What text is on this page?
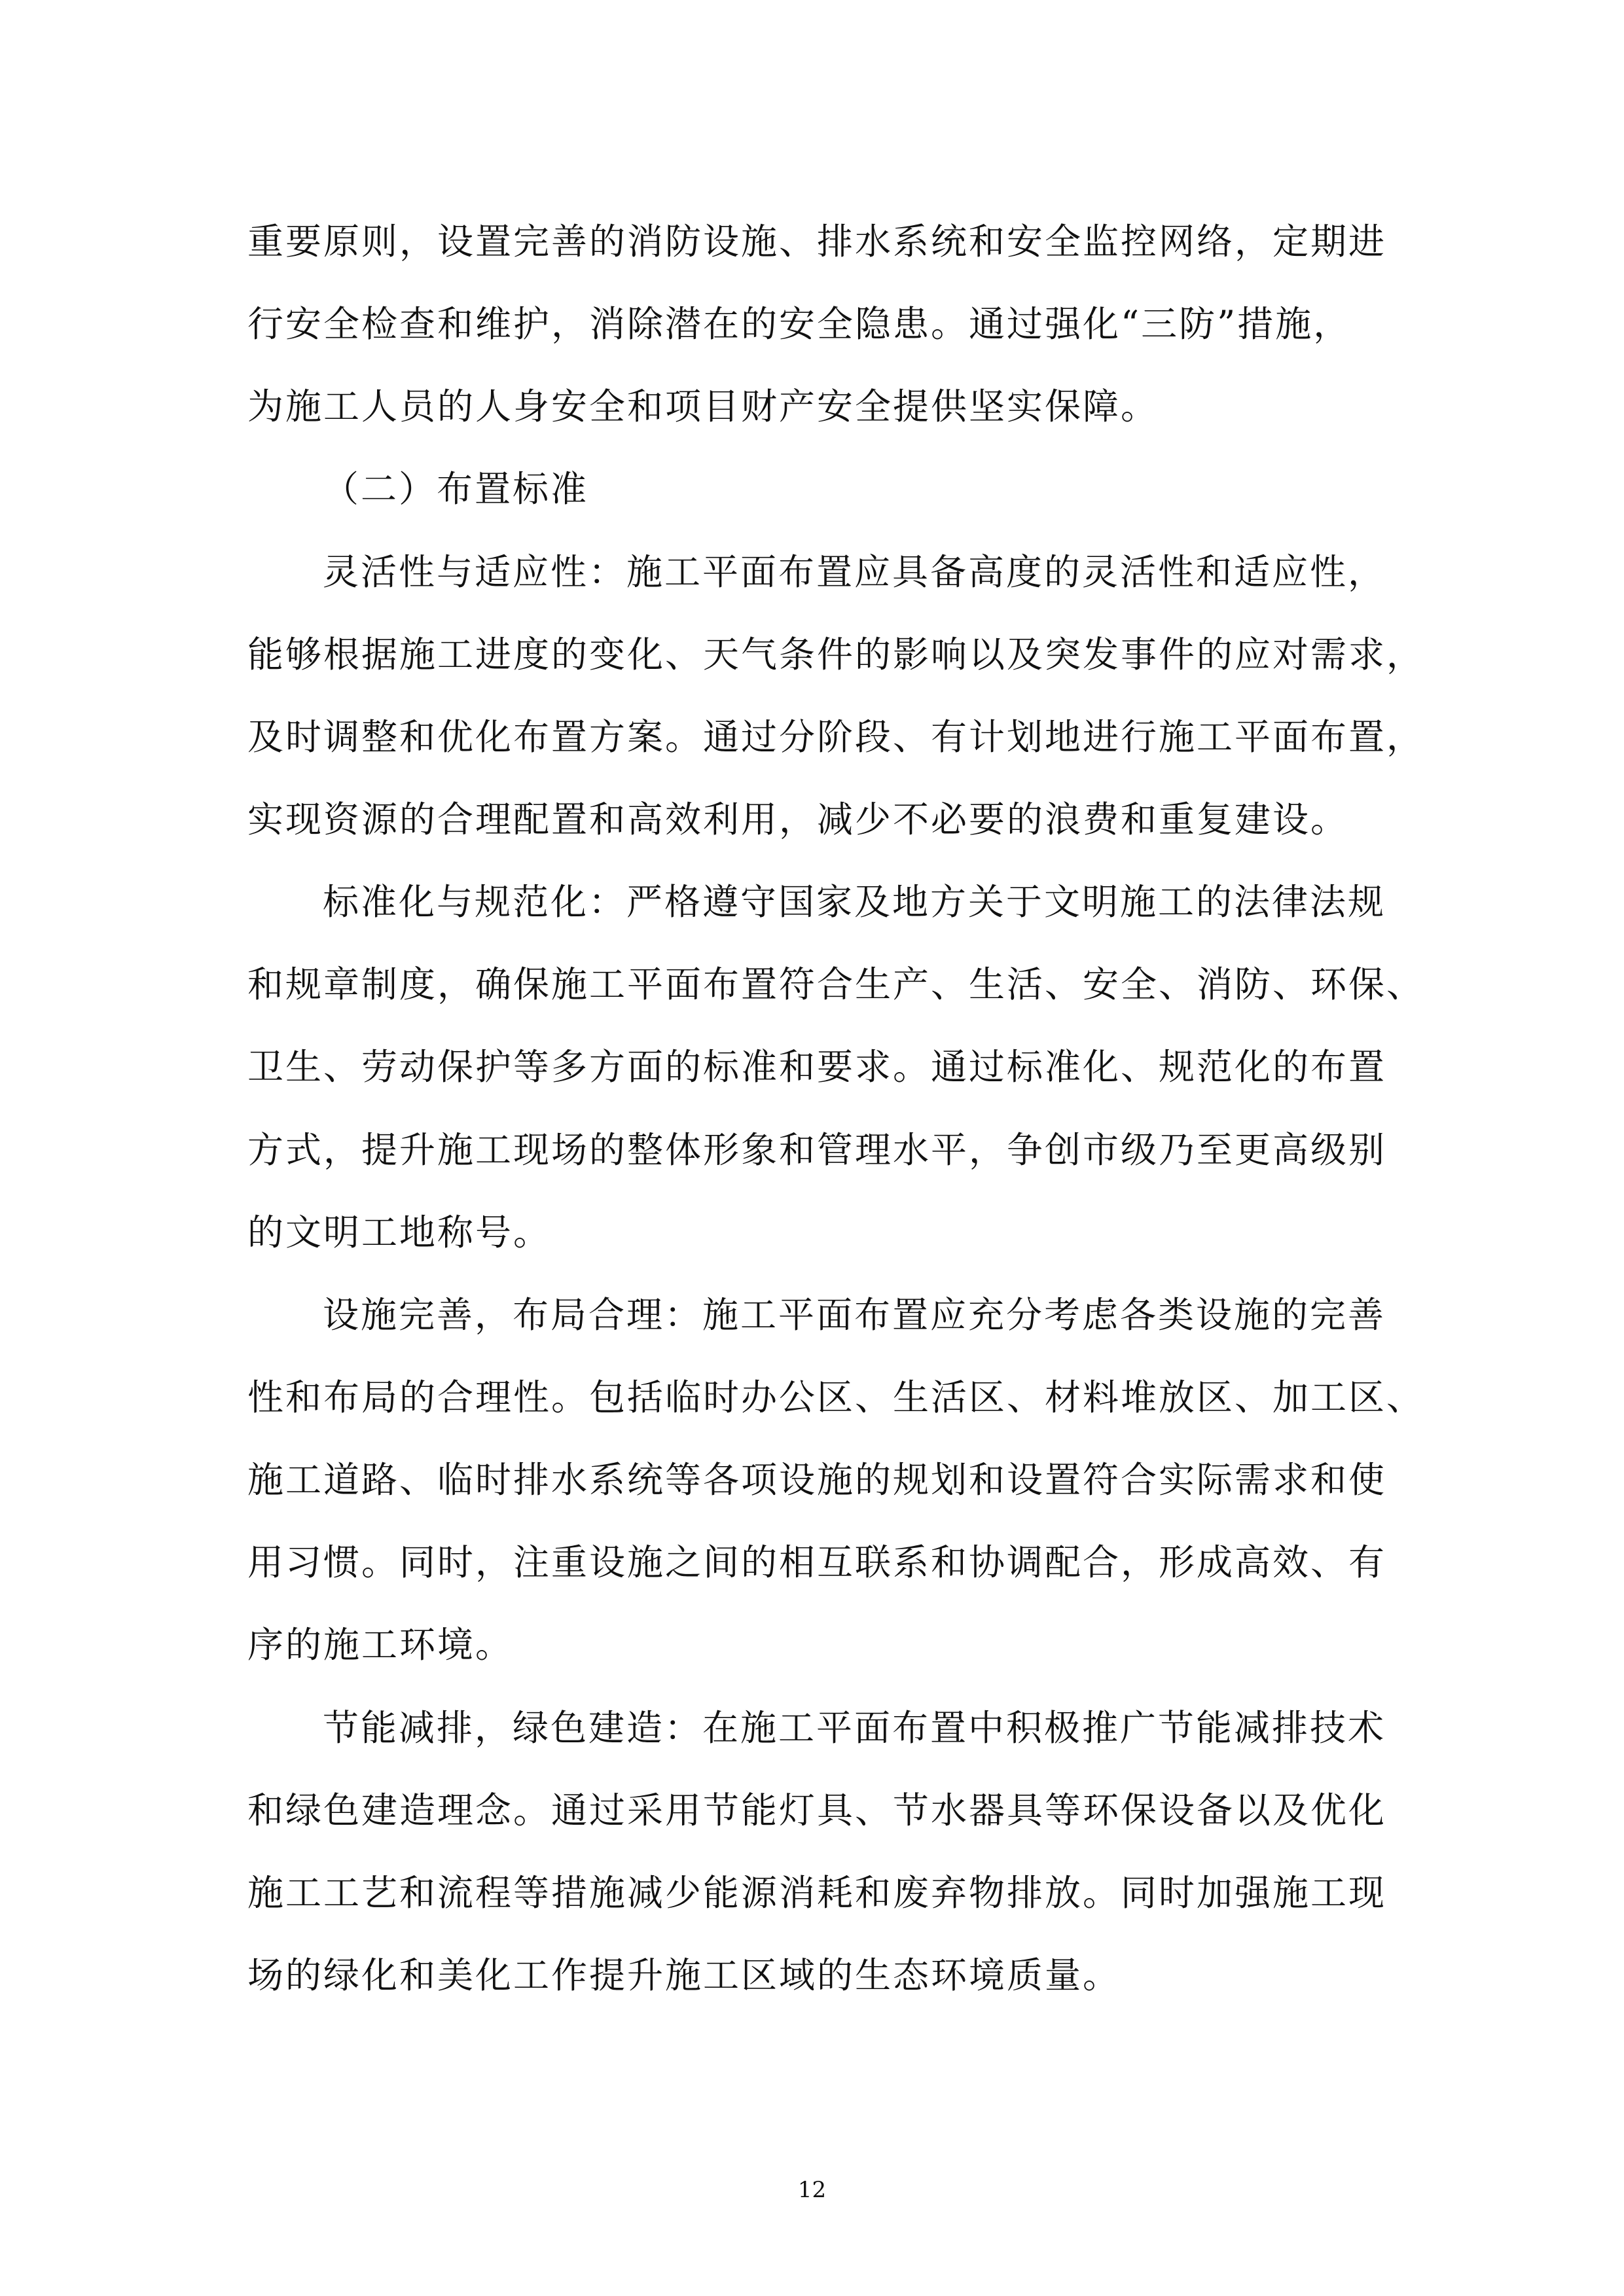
重要原则，设置完善的消防设施、排水系统和安全监控网络，定期进
行安全检查和维护，消除潜在的安全隐患。通过强化“三防”措施，
为施工人员的人身安全和项目财产安全提供坚实保障。
（二）布置标准
灵活性与适应性：施工平面布置应具备高度的灵活性和适应性，
能够根据施工进度的变化、天气条件的影响以及突发事件的应对需求，
及时调整和优化布置方案。通过分阶段、有计划地进行施工平面布置，
实现资源的合理配置和高效利用，减少不必要的浪费和重复建设。
标准化与规范化：严格遵守国家及地方关于文明施工的法律法规
和规章制度，确保施工平面布置符合生产、生活、安全、消防、环保、
卫生、劳动保护等多方面的标准和要求。通过标准化、规范化的布置
方式，提升施工现场的整体形象和管理水平，争创市级乃至更高级别
的文明工地称号。
设施完善，布局合理：施工平面布置应充分考虑各类设施的完善
性和布局的合理性。包括临时办公区、生活区、材料堆放区、加工区、
施工道路、临时排水系统等各项设施的规划和设置符合实际需求和使
用习惯。同时，注重设施之间的相互联系和协调配合，形成高效、有
序的施工环境。
节能减排，绿色建造：在施工平面布置中积极推广节能减排技术
和绿色建造理念。通过采用节能灯具、节水器具等环保设备以及优化
施工工艺和流程等措施减少能源消耗和废弃物排放。同时加强施工现
场的绿化和美化工作提升施工区域的生态环境质量。
12
